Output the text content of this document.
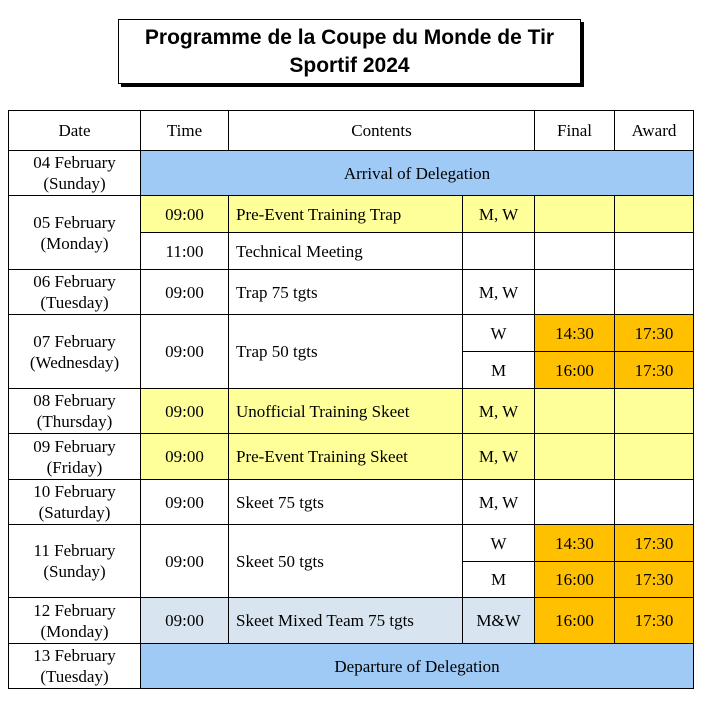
Programme de la Coupe du Monde de Tir
Sportif 2024
Date	Time	Contents		Final	Award

04 February
(Sunday)	Arrival of Delegation				

05 February
(Monday)	09:00	Pre-Event Training Trap	M, W		
	11:00	Technical Meeting			

06 February
(Tuesday)	09:00	Trap 75 tgts	M, W		

07 February
(Wednesday)	09:00	Trap 50 tgts	W	14:30	17:30
			M	16:00	17:30

08 February
(Thursday)	09:00	Unofficial Training Skeet	M, W		

09 February
(Friday)	09:00	Pre-Event Training Skeet	M, W		

10 February
(Saturday)	09:00	Skeet 75 tgts	M, W		

11 February
(Sunday)	09:00	Skeet 50 tgts	W	14:30	17:30
			M	16:00	17:30

12 February
(Monday)	09:00	Skeet Mixed Team 75 tgts	M&W	16:00	17:30

13 February
(Tuesday)	Departure of Delegation				
